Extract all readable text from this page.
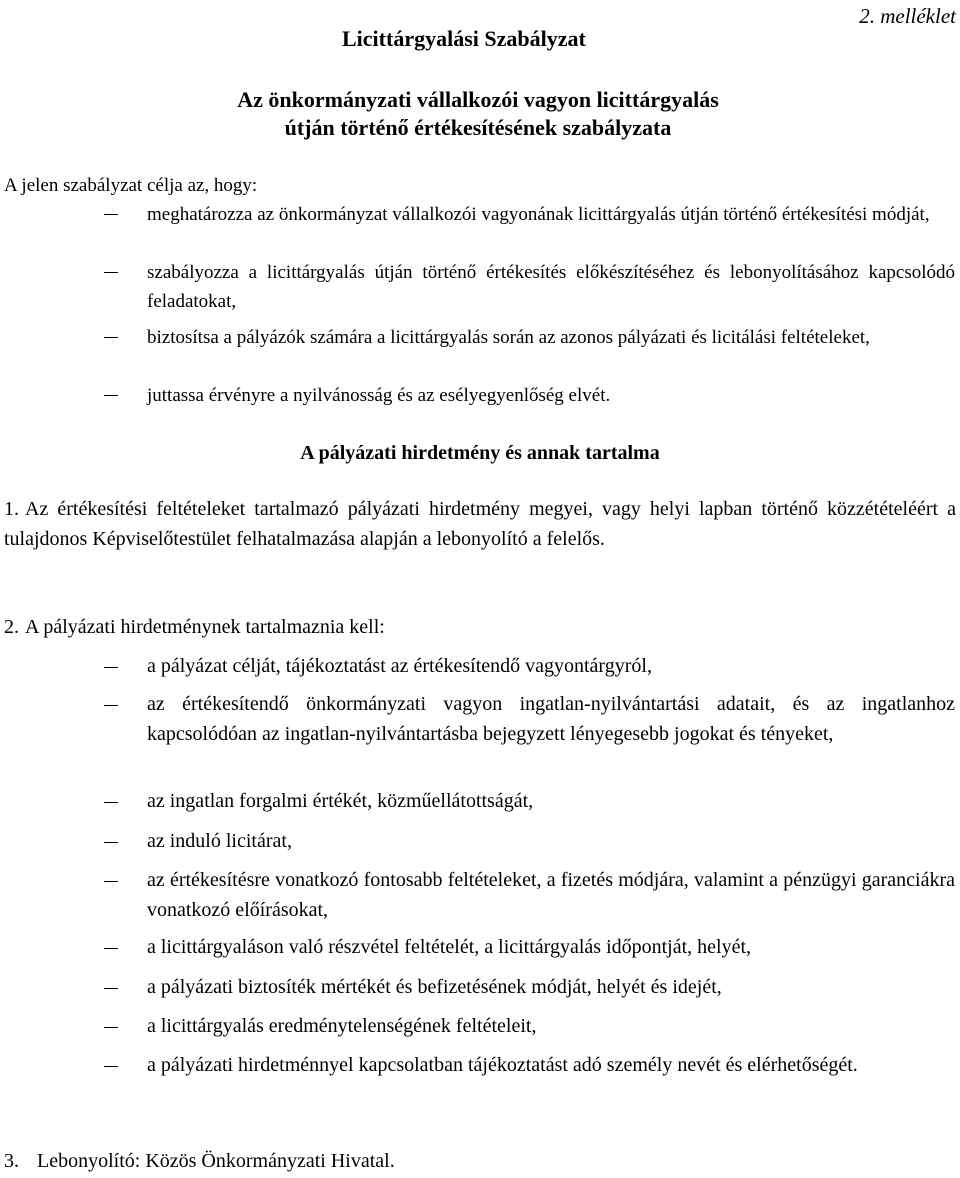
2. melléklet
Licittárgyalási Szabályzat
Az önkormányzati vállalkozói vagyon licittárgyalás
útján történő értékesítésének szabályzata
A jelen szabályzat célja az, hogy:
meghatározza az önkormányzat vállalkozói vagyonának licittárgyalás útján történő értékesítési módját,
szabályozza a licittárgyalás útján történő értékesítés előkészítéséhez és lebonyolításához kapcsolódó feladatokat,
biztosítsa a pályázók számára a licittárgyalás során az azonos pályázati és licitálási feltételeket,
juttassa érvényre a nyilvánosság és az esélyegyenlőség elvét.
A pályázati hirdetmény és annak tartalma
1. Az értékesítési feltételeket tartalmazó pályázati hirdetmény megyei, vagy helyi lapban történő közzétételéért a tulajdonos Képviselőtestület felhatalmazása alapján a lebonyolító a felelős.
2. A pályázati hirdetménynek tartalmaznia kell:
a pályázat célját, tájékoztatást az értékesítendő vagyontárgyról,
az értékesítendő önkormányzati vagyon ingatlan-nyilvántartási adatait, és az ingatlanhoz kapcsolódóan az ingatlan-nyilvántartásba bejegyzett lényegesebb jogokat és tényeket,
az ingatlan forgalmi értékét, közműellátottságát,
az induló licitárat,
az értékesítésre vonatkozó fontosabb feltételeket, a fizetés módjára, valamint a pénzügyi garanciákra vonatkozó előírásokat,
a licittárgyaláson való részvétel feltételét, a licittárgyalás időpontját, helyét,
a pályázati biztosíték mértékét és befizetésének módját, helyét és idejét,
a licittárgyalás eredménytelenségének feltételeit,
a pályázati hirdetménnyel kapcsolatban tájékoztatást adó személy nevét és elérhetőségét.
3. Lebonyolító: Közös Önkormányzati Hivatal.
